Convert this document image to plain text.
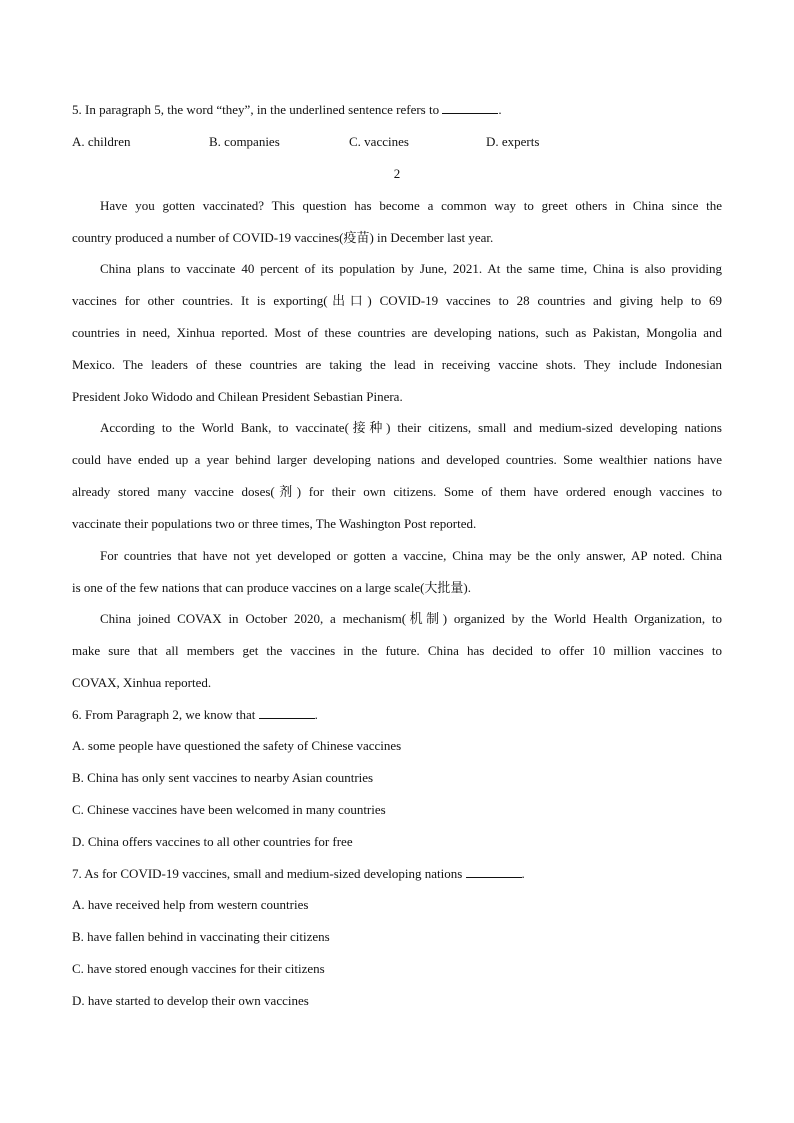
5. In paragraph 5, the word “they”, in the underlined sentence refers to	.
A. children	B. companies	C. vaccines	D. experts
2
Have you gotten vaccinated? This question has become a common way to greet others in China since the
country produced a number of COVID-19 vaccines(疫苗) in December last year.
China plans to vaccinate 40 percent of its population by June, 2021. At the same time, China is also providing
vaccines for other countries. It is exporting(出口) COVID-19 vaccines to 28 countries and giving help to 69
countries in need, Xinhua reported. Most of these countries are developing nations, such as Pakistan, Mongolia and
Mexico. The leaders of these countries are taking the lead in receiving vaccine shots. They include Indonesian
President Joko Widodo and Chilean President Sebastian Pinera.
According to the World Bank, to vaccinate(接种) their citizens, small and medium-sized developing nations
could have ended up a year behind larger developing nations and developed countries. Some wealthier nations have
already stored many vaccine doses(剂) for their own citizens. Some of them have ordered enough vaccines to
vaccinate their populations two or three times, The Washington Post reported.
For countries that have not yet developed or gotten a vaccine, China may be the only answer, AP noted. China
is one of the few nations that can produce vaccines on a large scale(大批量).
China joined COVAX in October 2020, a mechanism(机制) organized by the World Health Organization, to
make sure that all members get the vaccines in the future. China has decided to offer 10 million vaccines to
COVAX, Xinhua reported.
6. From Paragraph 2, we know that	.
A. some people have questioned the safety of Chinese vaccines
B. China has only sent vaccines to nearby Asian countries
C. Chinese vaccines have been welcomed in many countries
D. China offers vaccines to all other countries for free
7. As for COVID-19 vaccines, small and medium-sized developing nations	.
A. have received help from western countries
B. have fallen behind in vaccinating their citizens
C. have stored enough vaccines for their citizens
D. have started to develop their own vaccines
